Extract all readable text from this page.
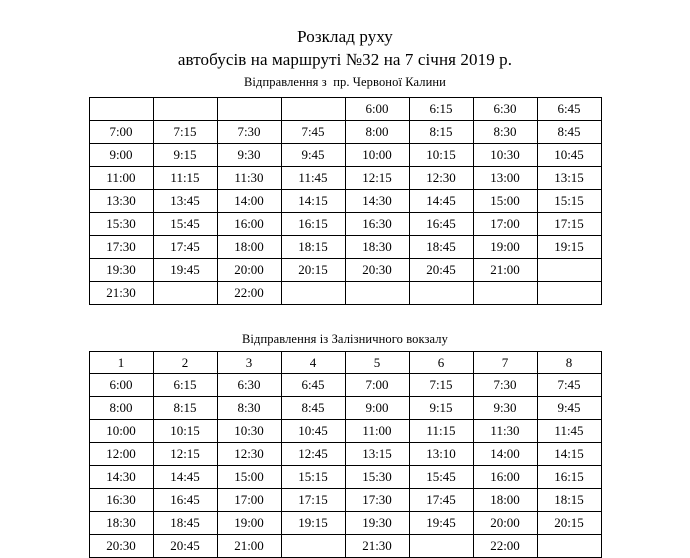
Розклад руху
автобусів на маршруті №32 на 7 січня 2019 р.
Відправлення з  пр. Червоної Калини
				6:00	6:15	6:30	6:45
7:00	7:15	7:30	7:45	8:00	8:15	8:30	8:45
9:00	9:15	9:30	9:45	10:00	10:15	10:30	10:45
11:00	11:15	11:30	11:45	12:15	12:30	13:00	13:15
13:30	13:45	14:00	14:15	14:30	14:45	15:00	15:15
15:30	15:45	16:00	16:15	16:30	16:45	17:00	17:15
17:30	17:45	18:00	18:15	18:30	18:45	19:00	19:15
19:30	19:45	20:00	20:15	20:30	20:45	21:00	
21:30		22:00					
Відправлення із Залізничного вокзалу
1	2	3	4	5	6	7	8
6:00	6:15	6:30	6:45	7:00	7:15	7:30	7:45
8:00	8:15	8:30	8:45	9:00	9:15	9:30	9:45
10:00	10:15	10:30	10:45	11:00	11:15	11:30	11:45
12:00	12:15	12:30	12:45	13:15	13:10	14:00	14:15
14:30	14:45	15:00	15:15	15:30	15:45	16:00	16:15
16:30	16:45	17:00	17:15	17:30	17:45	18:00	18:15
18:30	18:45	19:00	19:15	19:30	19:45	20:00	20:15
20:30	20:45	21:00		21:30		22:00	
